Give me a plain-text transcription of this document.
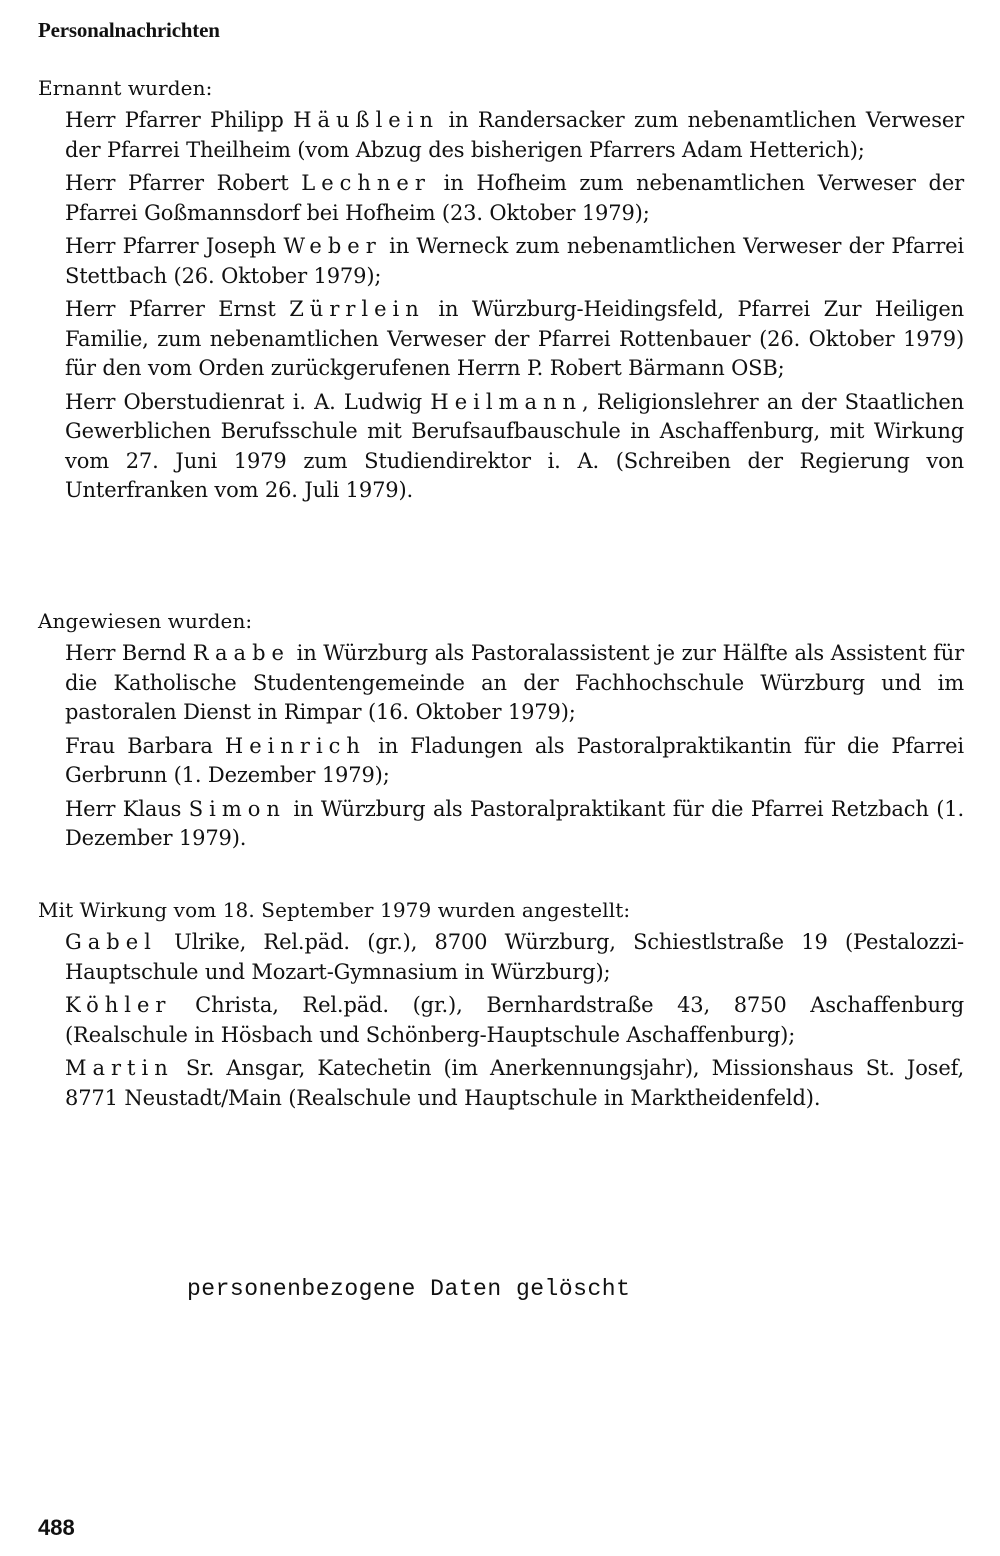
Personalnachrichten
Ernannt wurden:
Herr Pfarrer Philipp Häußlein in Randersacker zum nebenamtlichen Verweser der Pfarrei Theilheim (vom Abzug des bisherigen Pfarrers Adam Hetterich);
Herr Pfarrer Robert Lechner in Hofheim zum nebenamtlichen Verweser der Pfarrei Goßmannsdorf bei Hofheim (23. Oktober 1979);
Herr Pfarrer Joseph Weber in Werneck zum nebenamtlichen Verweser der Pfarrei Stettbach (26. Oktober 1979);
Herr Pfarrer Ernst Zürrlein in Würzburg-Heidingsfeld, Pfarrei Zur Heiligen Familie, zum nebenamtlichen Verweser der Pfarrei Rottenbauer (26. Oktober 1979) für den vom Orden zurückgerufenen Herrn P. Robert Bärmann OSB;
Herr Oberstudienrat i. A. Ludwig Heilmann, Religionslehrer an der Staatlichen Gewerblichen Berufsschule mit Berufsaufbauschule in Aschaffenburg, mit Wirkung vom 27. Juni 1979 zum Studiendirektor i. A. (Schreiben der Regierung von Unterfranken vom 26. Juli 1979).
Angewiesen wurden:
Herr Bernd Raabe in Würzburg als Pastoralassistent je zur Hälfte als Assistent für die Katholische Studentengemeinde an der Fachhochschule Würzburg und im pastoralen Dienst in Rimpar (16. Oktober 1979);
Frau Barbara Heinrich in Fladungen als Pastoralpraktikantin für die Pfarrei Gerbrunn (1. Dezember 1979);
Herr Klaus Simon in Würzburg als Pastoralpraktikant für die Pfarrei Retzbach (1. Dezember 1979).
Mit Wirkung vom 18. September 1979 wurden angestellt:
Gabel Ulrike, Rel.päd. (gr.), 8700 Würzburg, Schiestlstraße 19 (Pestalozzi-Hauptschule und Mozart-Gymnasium in Würzburg);
Köhler Christa, Rel.päd. (gr.), Bernhardstraße 43, 8750 Aschaffenburg (Realschule in Hösbach und Schönberg-Hauptschule Aschaffenburg);
Martin Sr. Ansgar, Katechetin (im Anerkennungsjahr), Missionshaus St. Josef, 8771 Neustadt/Main (Realschule und Hauptschule in Marktheidenfeld).
personenbezogene Daten gelöscht
488
